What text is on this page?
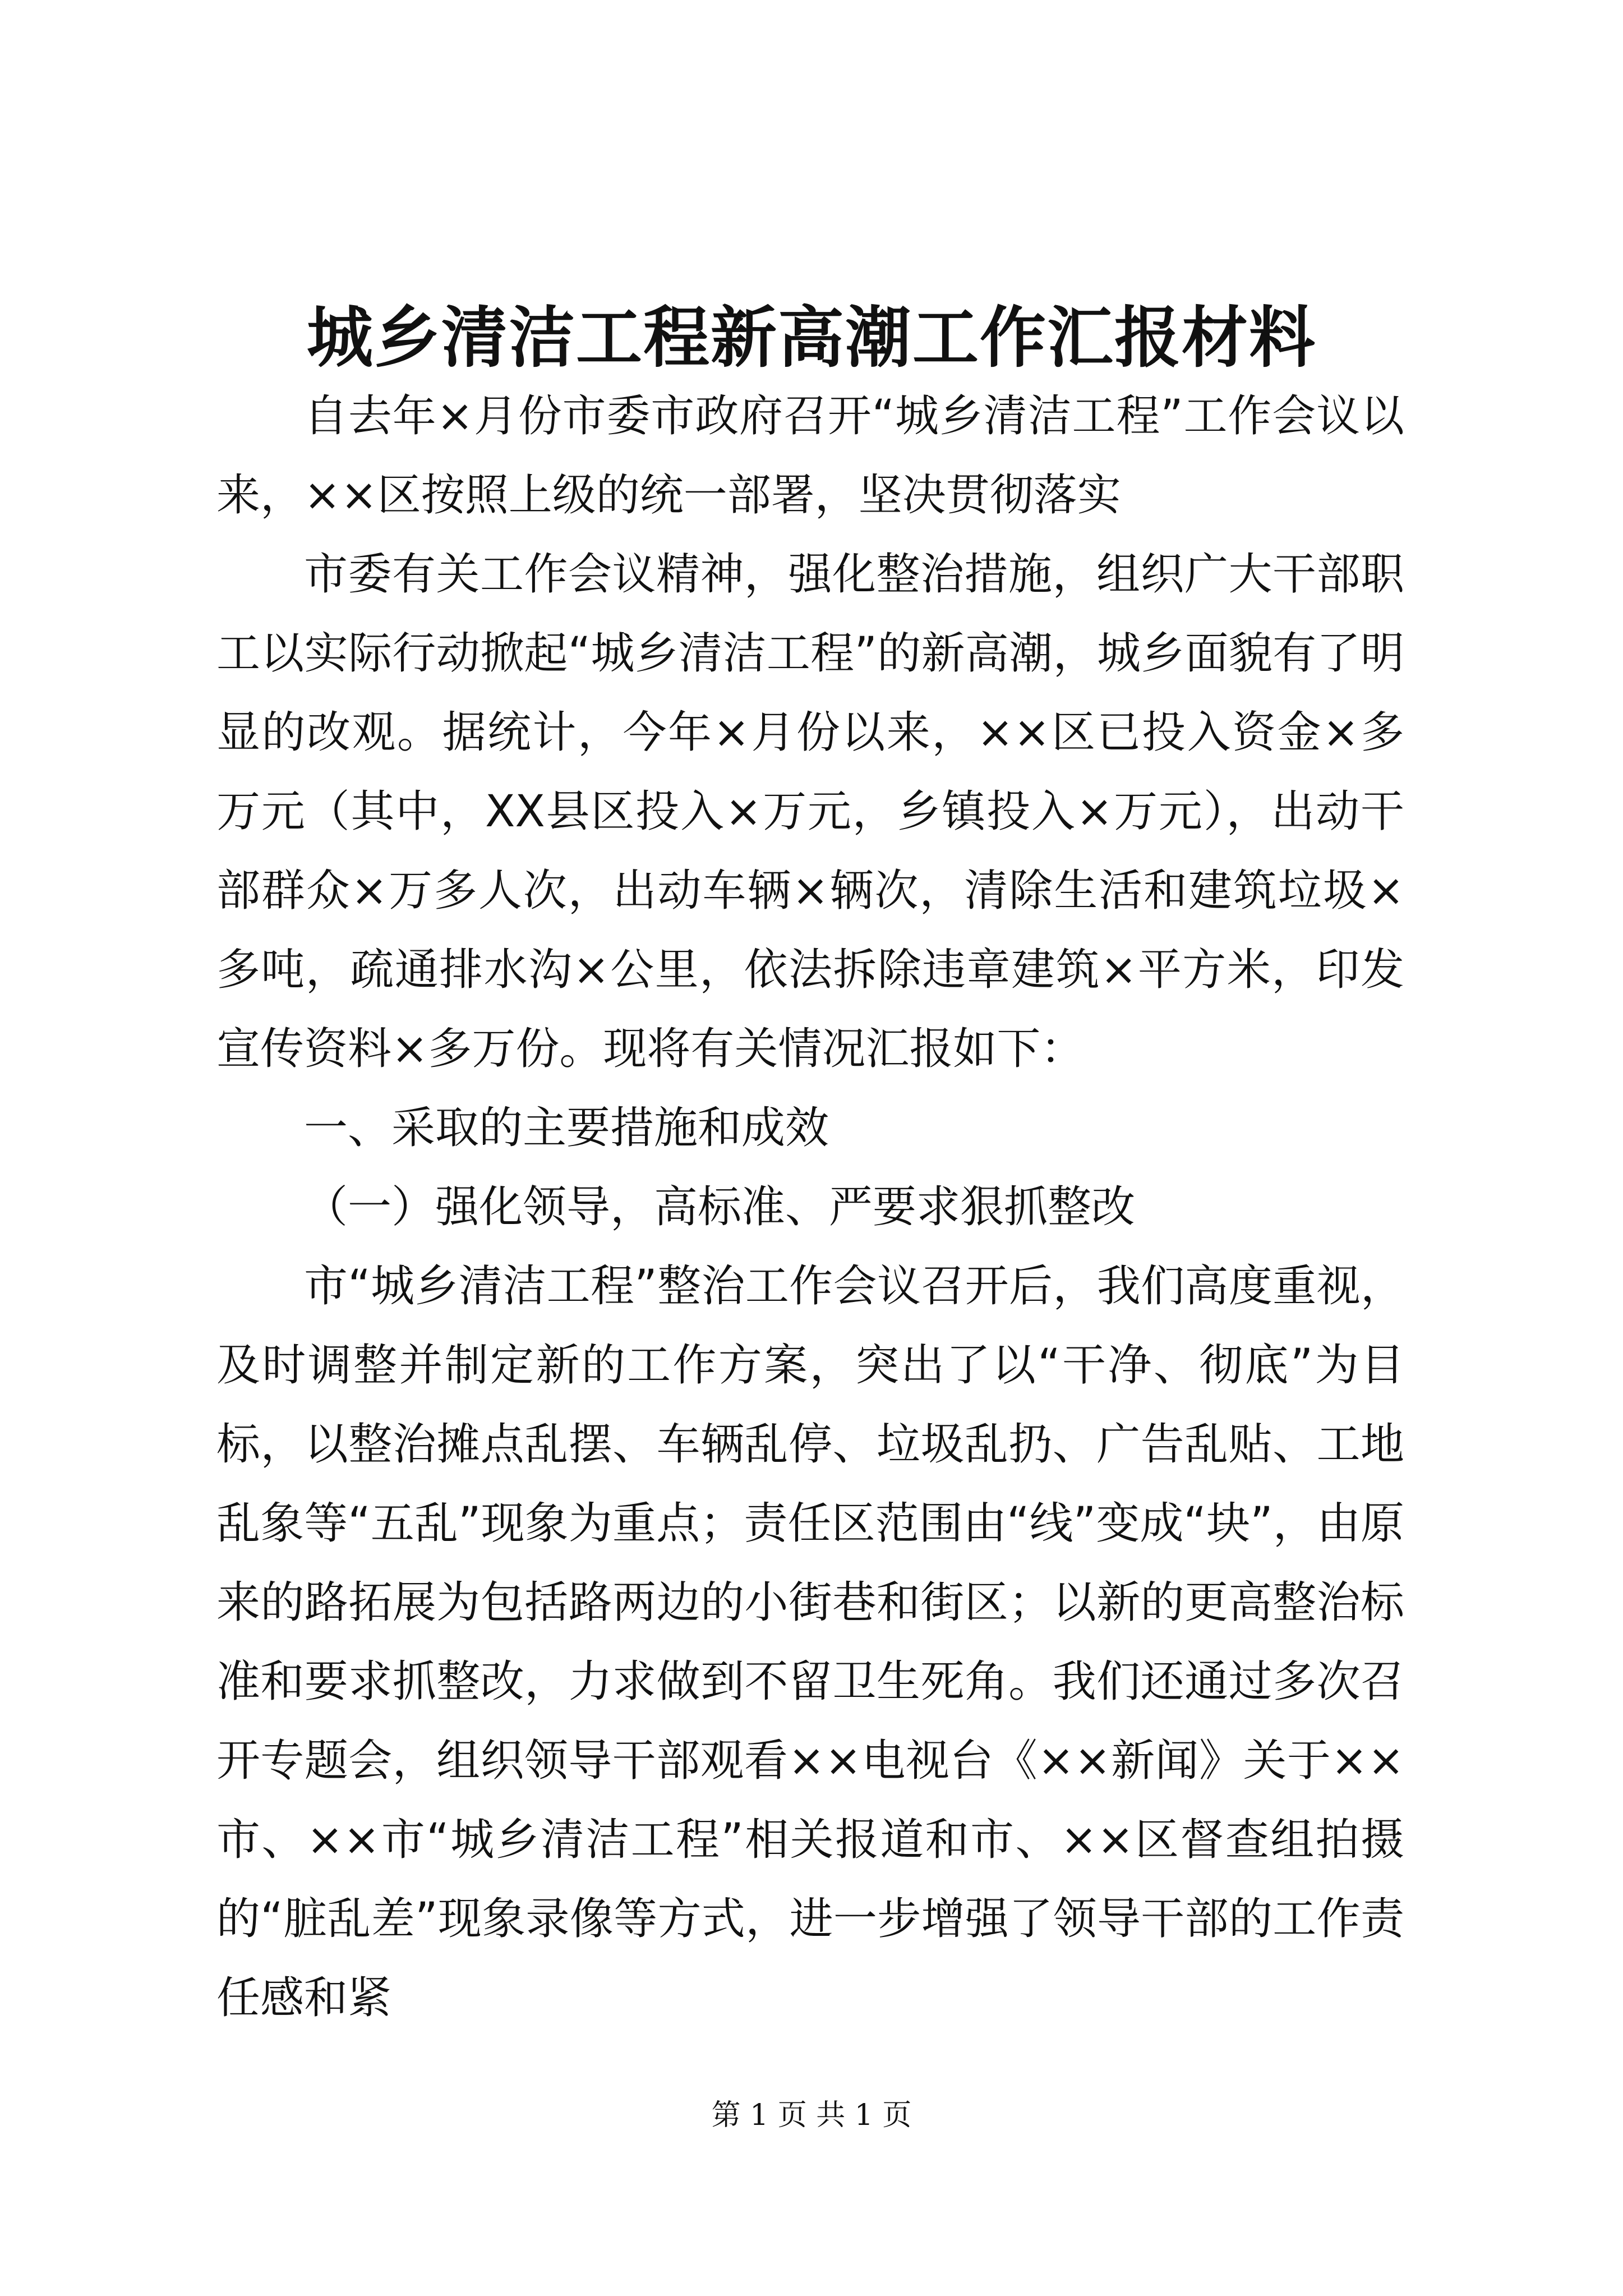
城乡清洁工程新高潮工作汇报材料

自去年×月份市委市政府召开“城乡清洁工程”工作会议以来，××区按照上级的统一部署，坚决贯彻落实

市委有关工作会议精神，强化整治措施，组织广大干部职工以实际行动掀起“城乡清洁工程”的新高潮，城乡面貌有了明显的改观。据统计，今年×月份以来，××区已投入资金×多万元（其中，XX县区投入×万元，乡镇投入×万元），出动干部群众×万多人次，出动车辆×辆次，清除生活和建筑垃圾×多吨，疏通排水沟×公里，依法拆除违章建筑×平方米，印发宣传资料×多万份。现将有关情况汇报如下：

一、采取的主要措施和成效

（一）强化领导，高标准、严要求狠抓整改

市“城乡清洁工程”整治工作会议召开后，我们高度重视，及时调整并制定新的工作方案，突出了以“干净、彻底”为目标，以整治摊点乱摆、车辆乱停、垃圾乱扔、广告乱贴、工地乱象等“五乱”现象为重点；责任区范围由“线”变成“块”，由原来的路拓展为包括路两边的小街巷和街区；以新的更高整治标准和要求抓整改，力求做到不留卫生死角。我们还通过多次召开专题会，组织领导干部观看××电视台《××新闻》关于××市、××市“城乡清洁工程”相关报道和市、××区督查组拍摄的“脏乱差”现象录像等方式，进一步增强了领导干部的工作责任感和紧

第 1 页 共 1 页
